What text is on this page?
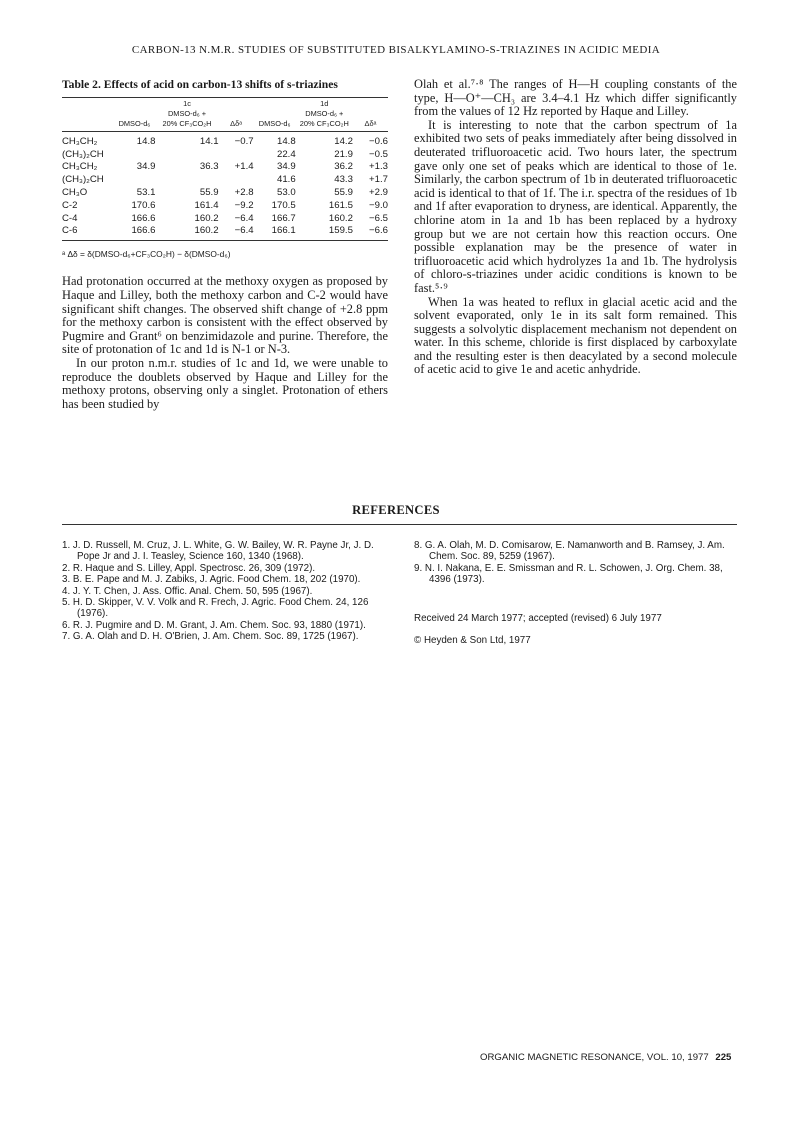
CARBON-13 N.M.R. STUDIES OF SUBSTITUTED BISALKYLAMINO-S-TRIAZINES IN ACIDIC MEDIA
Table 2. Effects of acid on carbon-13 shifts of s-triazines
		1c			1d	
		DMSO-d₆ +			DMSO-d₆ +	
	DMSO-d₆	20% CF₃CO₂H	Δδᵃ	DMSO-d₆	20% CF₃CO₂H	Δδᵃ

CH₃CH₂	14.8	14.1	−0.7	14.8	14.2	−0.6
(CH₃)₂CH				22.4	21.9	−0.5
CH₃CH₂	34.9	36.3	+1.4	34.9	36.2	+1.3
(CH₃)₂CH				41.6	43.3	+1.7
CH₃O	53.1	55.9	+2.8	53.0	55.9	+2.9
C-2	170.6	161.4	−9.2	170.5	161.5	−9.0
C-4	166.6	160.2	−6.4	166.7	160.2	−6.5
C-6	166.6	160.2	−6.4	166.1	159.5	−6.6

ᵃ Δδ = δ(DMSO-d₆+CF₃CO₂H) − δ(DMSO-d₆)

Had protonation occurred at the methoxy oxygen as proposed by Haque and Lilley, both the methoxy carbon and C-2 would have significant shift changes. The observed shift change of +2.8 ppm for the methoxy carbon is consistent with the effect observed by Pugmire and Grant⁶ on benzimidazole and purine. Therefore, the site of protonation of 1c and 1d is N-1 or N-3.

In our proton n.m.r. studies of 1c and 1d, we were unable to reproduce the doublets observed by Haque and Lilley for the methoxy protons, observing only a singlet. Protonation of ethers has been studied by

Olah et al.⁷·⁸ The ranges of H—H coupling constants of the type, H—O⁺—CH₃ are 3.4–4.1 Hz which differ significantly from the values of 12 Hz reported by Haque and Lilley.

It is interesting to note that the carbon spectrum of 1a exhibited two sets of peaks immediately after being dissolved in deuterated trifluoroacetic acid. Two hours later, the spectrum gave only one set of peaks which are identical to those of 1e. Similarly, the carbon spectrum of 1b in deuterated trifluoroacetic acid is identical to that of 1f. The i.r. spectra of the residues of 1b and 1f after evaporation to dryness, are identical. Apparently, the chlorine atom in 1a and 1b has been replaced by a hydroxy group but we are not certain how this reaction occurs. One possible explanation may be the presence of water in trifluoroacetic acid which hydrolyzes 1a and 1b. The hydrolysis of chloro-s-triazines under acidic conditions is known to be fast.⁵·⁹

When 1a was heated to reflux in glacial acetic acid and the solvent evaporated, only 1e in its salt form remained. This suggests a solvolytic displacement mechanism not dependent on water. In this scheme, chloride is first displaced by carboxylate and the resulting ester is then deacylated by a second molecule of acetic acid to give 1e and acetic anhydride.

REFERENCES

1. J. D. Russell, M. Cruz, J. L. White, G. W. Bailey, W. R. Payne Jr, J. D. Pope Jr and J. I. Teasley, Science 160, 1340 (1968).

2. R. Haque and S. Lilley, Appl. Spectrosc. 26, 309 (1972).

3. B. E. Pape and M. J. Zabiks, J. Agric. Food Chem. 18, 202 (1970).

4. J. Y. T. Chen, J. Ass. Offic. Anal. Chem. 50, 595 (1967).

5. H. D. Skipper, V. V. Volk and R. Frech, J. Agric. Food Chem. 24, 126 (1976).

6. R. J. Pugmire and D. M. Grant, J. Am. Chem. Soc. 93, 1880 (1971).

7. G. A. Olah and D. H. O'Brien, J. Am. Chem. Soc. 89, 1725 (1967).

8. G. A. Olah, M. D. Comisarow, E. Namanworth and B. Ramsey, J. Am. Chem. Soc. 89, 5259 (1967).

9. N. I. Nakana, E. E. Smissman and R. L. Schowen, J. Org. Chem. 38, 4396 (1973).

Received 24 March 1977; accepted (revised) 6 July 1977
© Heyden & Son Ltd, 1977
ORGANIC MAGNETIC RESONANCE, VOL. 10, 1977 225
